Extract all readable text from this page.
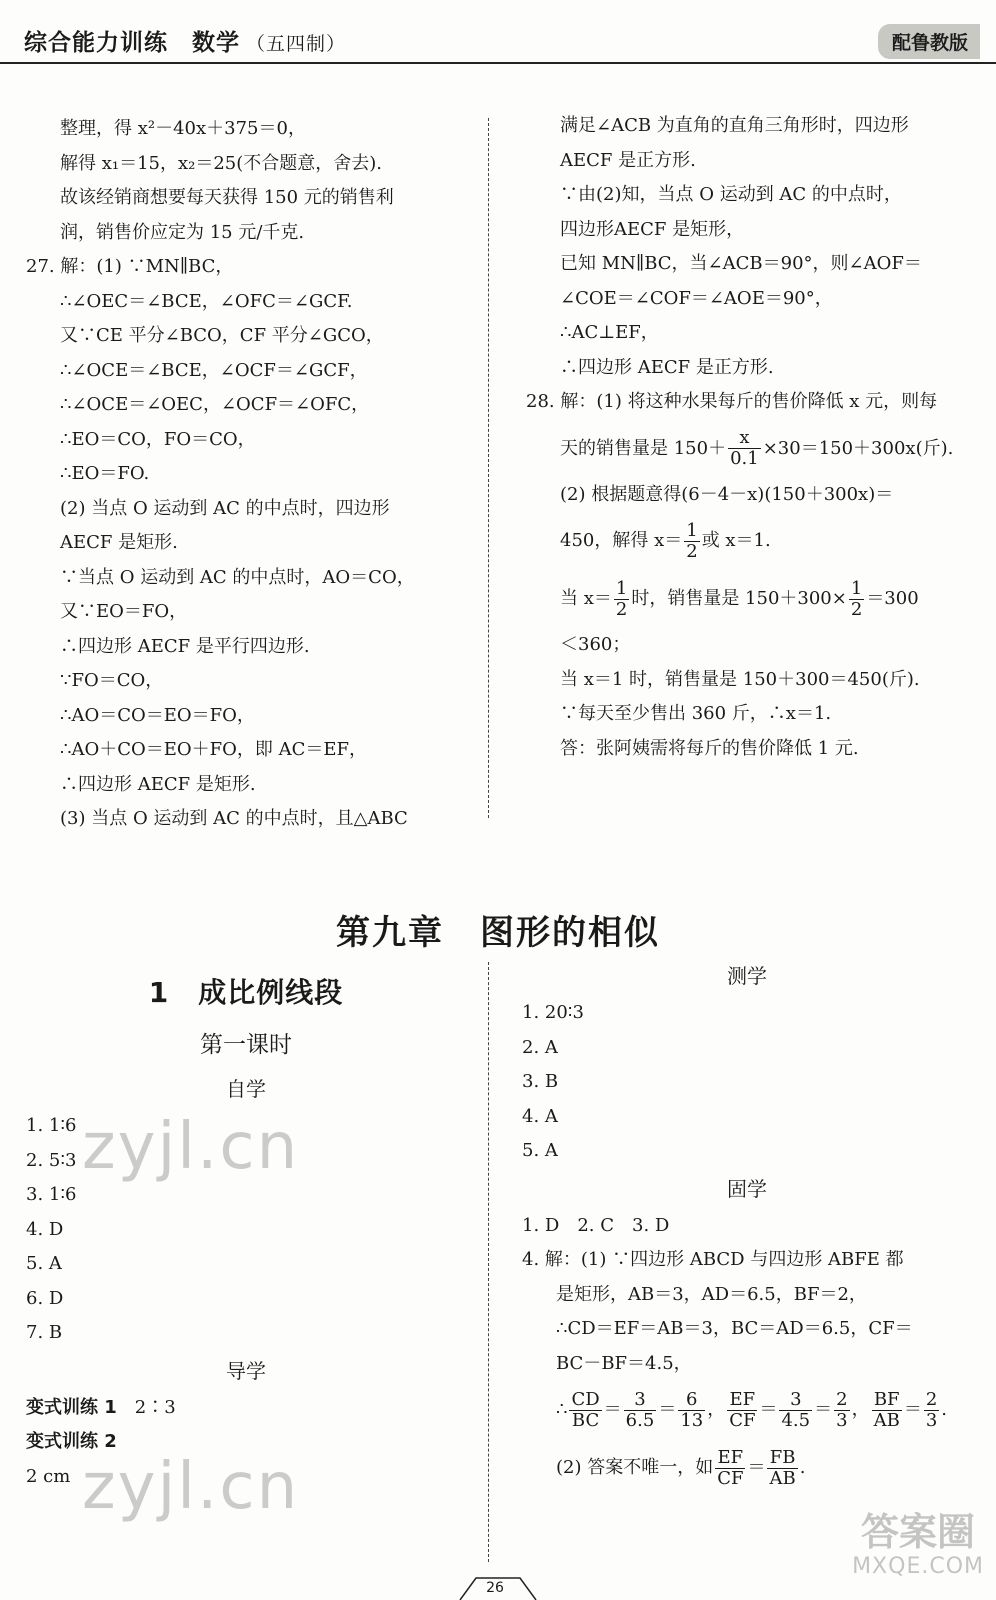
综合能力训练　数学 （五四制）	配鲁教版
整理，得 x²－40x＋375＝0，
解得 x₁＝15，x₂＝25(不合题意，舍去).
故该经销商想要每天获得 150 元的销售利
润，销售价应定为 15 元/千克.
27. 解：(1) ∵MN∥BC，
∴∠OEC＝∠BCE，∠OFC＝∠GCF.
又∵CE 平分∠BCO，CF 平分∠GCO，
∴∠OCE＝∠BCE，∠OCF＝∠GCF，
∴∠OCE＝∠OEC，∠OCF＝∠OFC，
∴EO＝CO，FO＝CO，
∴EO＝FO.
(2) 当点 O 运动到 AC 的中点时，四边形
AECF 是矩形.
∵当点 O 运动到 AC 的中点时，AO＝CO，
又∵EO＝FO，
∴四边形 AECF 是平行四边形.
∵FO＝CO，
∴AO＝CO＝EO＝FO，
∴AO＋CO＝EO＋FO，即 AC＝EF，
∴四边形 AECF 是矩形.
(3) 当点 O 运动到 AC 的中点时，且△ABC
满足∠ACB 为直角的直角三角形时，四边形
AECF 是正方形.
∵由(2)知，当点 O 运动到 AC 的中点时，
四边形AECF 是矩形，
已知 MN∥BC，当∠ACB＝90°，则∠AOF＝
∠COE＝∠COF＝∠AOE＝90°，
∴AC⊥EF，
∴四边形 AECF 是正方形.
28. 解：(1) 将这种水果每斤的售价降低 x 元，则每
天的销售量是 $150+ \frac{x}{0.1} \times 30=150+300x$(斤).
(2) 根据题意得(6－4－x)(150＋300x)＝
450，解得 $x= \frac{1}{2}$ 或 x＝1.
当 $x= \frac{1}{2}$ 时，销售量是 $150+300\times \frac{1}{2} =300$
＜360；
当 x＝1 时，销售量是 150＋300＝450(斤).
∵每天至少售出 360 斤，∴x＝1.
答：张阿姨需将每斤的售价降低 1 元.
第九章　图形的相似
1　成比例线段
第一课时
自学
1. 1∶6
2. 5∶3
3. 1∶6
4. D
5. A
6. D
7. B
导学
变式训练 1　 2∶3
变式训练 2
2 cm
测学
1. 20∶3
2. A
3. B
4. A
5. A
固学
1. D　2. C　3. D
4. 解：(1) ∵四边形 ABCD 与四边形 ABFE 都
是矩形，AB＝3，AD＝6.5，BF＝2，
∴CD＝EF＝AB＝3，BC＝AD＝6.5，CF＝
BC－BF＝4.5，
∴ $\frac{CD}{BC} = \frac{3}{6.5} = \frac{6}{13}$ ， $\frac{EF}{CF} = \frac{3}{4.5} = \frac{2}{3}$ ， $\frac{BF}{AB} = \frac{2}{3}$ .
(2) 答案不唯一，如 $\frac{EF}{CF} = \frac{FB}{AB}$ .
zyjl.cn
zyjl.cn
答案圈
MXQE.COM
26
